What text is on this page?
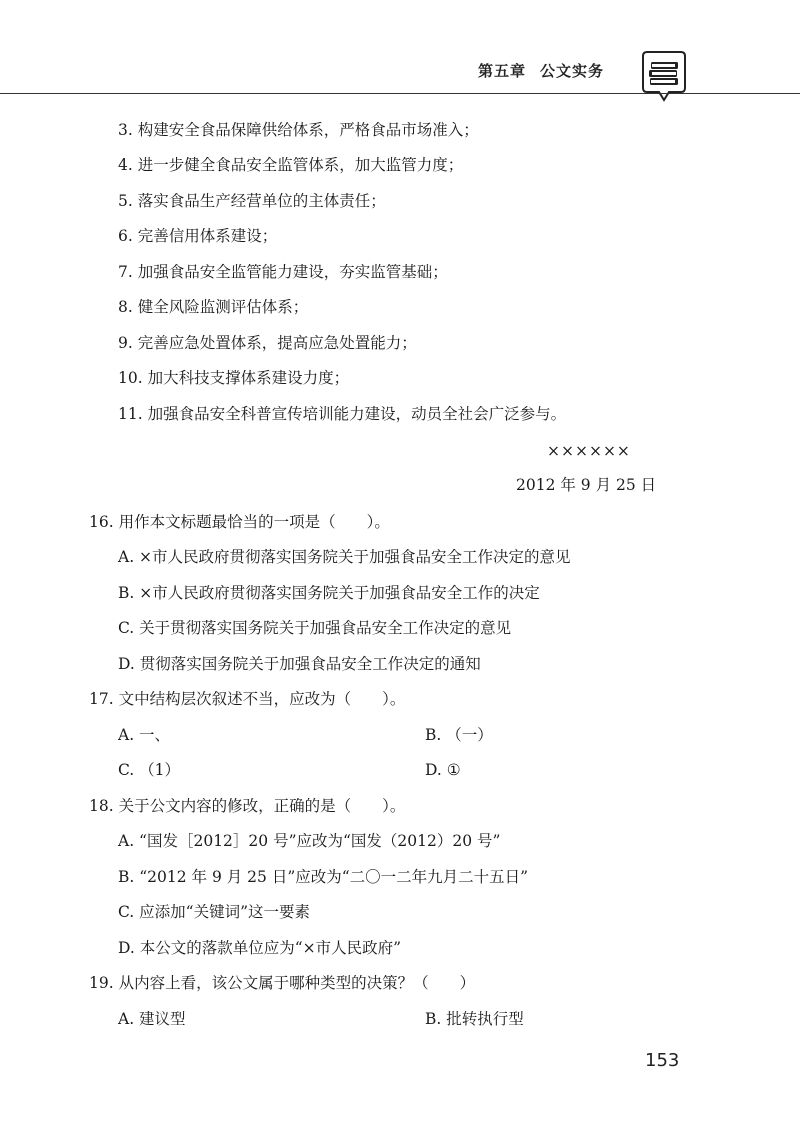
第五章 公文实务
3. 构建安全食品保障供给体系，严格食品市场准入；
4. 进一步健全食品安全监管体系，加大监管力度；
5. 落实食品生产经营单位的主体责任；
6. 完善信用体系建设；
7. 加强食品安全监管能力建设，夯实监管基础；
8. 健全风险监测评估体系；
9. 完善应急处置体系，提高应急处置能力；
10. 加大科技支撑体系建设力度；
11. 加强食品安全科普宣传培训能力建设，动员全社会广泛参与。
××××××
2012 年 9 月 25 日
16. 用作本文标题最恰当的一项是（　　）。
A. ×市人民政府贯彻落实国务院关于加强食品安全工作决定的意见
B. ×市人民政府贯彻落实国务院关于加强食品安全工作的决定
C. 关于贯彻落实国务院关于加强食品安全工作决定的意见
D. 贯彻落实国务院关于加强食品安全工作决定的通知
17. 文中结构层次叙述不当，应改为（　　）。
A. 一、	B. （一）
C. （1）	D. ①
18. 关于公文内容的修改，正确的是（　　）。
A. “国发［2012］20 号”应改为“国发（2012）20 号”
B. “2012 年 9 月 25 日”应改为“二〇一二年九月二十五日”
C. 应添加“关键词”这一要素
D. 本公文的落款单位应为“×市人民政府”
19. 从内容上看，该公文属于哪种类型的决策？（　　）
A. 建议型	B. 批转执行型
153
